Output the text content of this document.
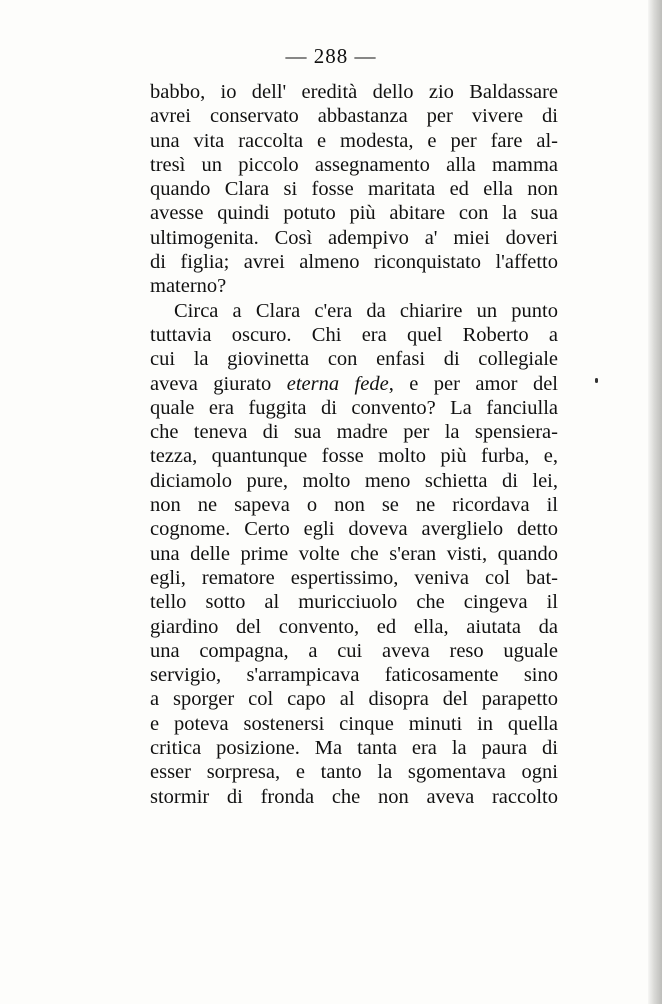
— 288 —
babbo, io dell' eredità dello zio Baldassare
avrei conservato abbastanza per vivere di
una vita raccolta e modesta, e per fare al-
tresì un piccolo assegnamento alla mamma
quando Clara si fosse maritata ed ella non
avesse quindi potuto più abitare con la sua
ultimogenita. Così adempivo a' miei doveri
di figlia; avrei almeno riconquistato l'affetto
materno?
Circa a Clara c'era da chiarire un punto
tuttavia oscuro. Chi era quel Roberto a
cui la giovinetta con enfasi di collegiale
aveva giurato eterna fede, e per amor del
quale era fuggita di convento? La fanciulla
che teneva di sua madre per la spensiera-
tezza, quantunque fosse molto più furba, e,
diciamolo pure, molto meno schietta di lei,
non ne sapeva o non se ne ricordava il
cognome. Certo egli doveva averglielo detto
una delle prime volte che s'eran visti, quando
egli, rematore espertissimo, veniva col bat-
tello sotto al muricciuolo che cingeva il
giardino del convento, ed ella, aiutata da
una compagna, a cui aveva reso uguale
servigio, s'arrampicava faticosamente sino
a sporger col capo al disopra del parapetto
e poteva sostenersi cinque minuti in quella
critica posizione. Ma tanta era la paura di
esser sorpresa, e tanto la sgomentava ogni
stormir di fronda che non aveva raccolto
